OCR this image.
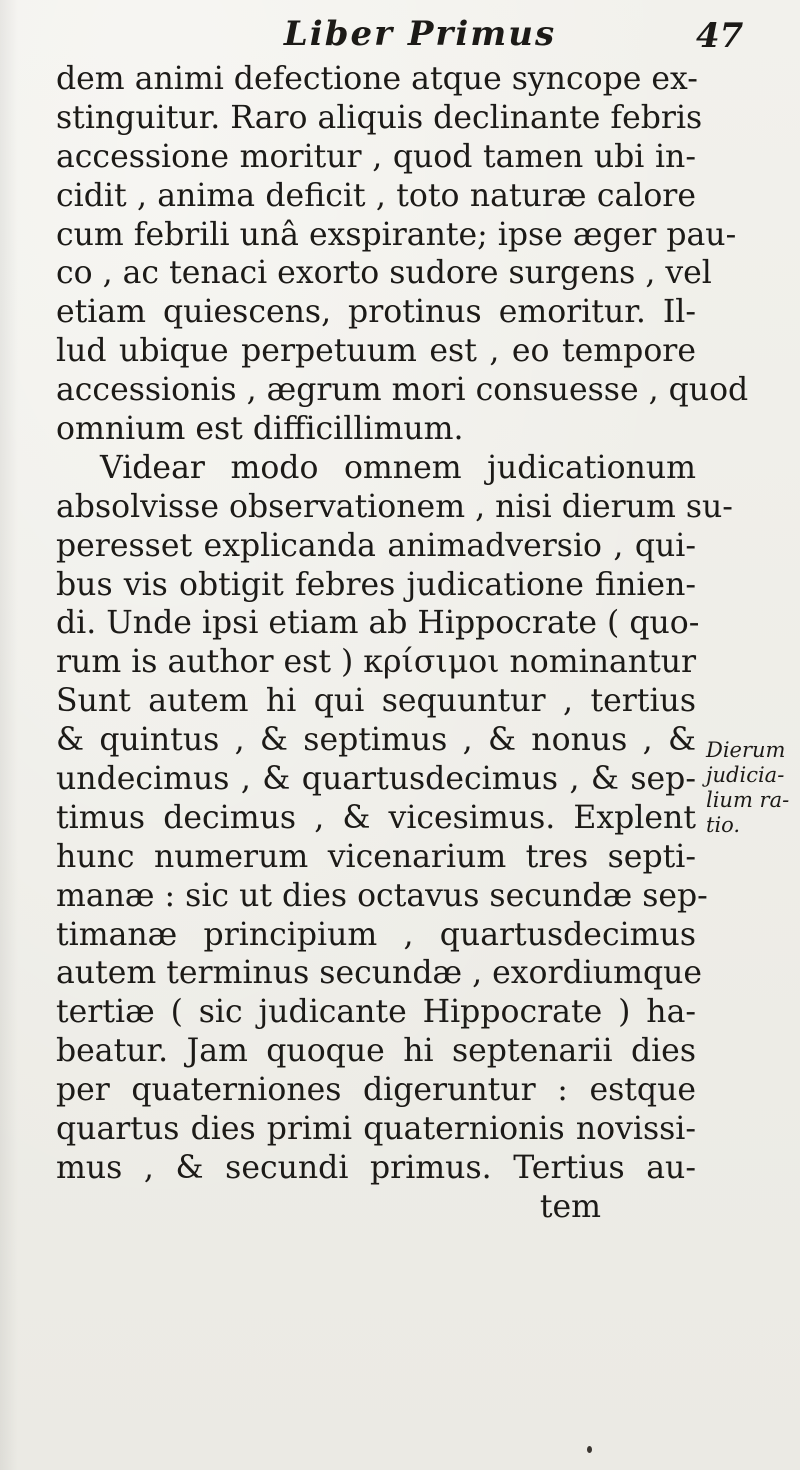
Liber Primus	47
dem animi defectione atque syncope ex-
stinguitur. Raro aliquis declinante febris
accessione moritur , quod tamen ubi in-
cidit , anima deficit , toto naturæ calore
cum febrili unâ exspirante; ipse æger pau-
co , ac tenaci exorto sudore surgens , vel
etiam quiescens, protinus emoritur. Il-
lud ubique perpetuum est , eo tempore
accessionis , ægrum mori consuesse , quod
omnium est difficillimum.
Videar modo omnem judicationum
absolvisse observationem , nisi dierum su-
peresset explicanda animadversio , qui-
bus vis obtigit febres judicatione finien-
di. Unde ipsi etiam ab Hippocrate ( quo-
rum is author est ) κρίσιμοι nominantur
Sunt autem hi qui sequuntur , tertius
& quintus , & septimus , & nonus , &
undecimus , & quartusdecimus , & sep-
timus decimus , & vicesimus. Explent
hunc numerum vicenarium tres septi-
manæ : sic ut dies octavus secundæ sep-
timanæ principium , quartusdecimus
autem terminus secundæ , exordiumque
tertiæ ( sic judicante Hippocrate ) ha-
beatur. Jam quoque hi septenarii dies
per quaterniones digeruntur : estque
quartus dies primi quaternionis novissi-
mus , & secundi primus. Tertius au-
tem
Dierum
judicia-
lium ra-
tio.
